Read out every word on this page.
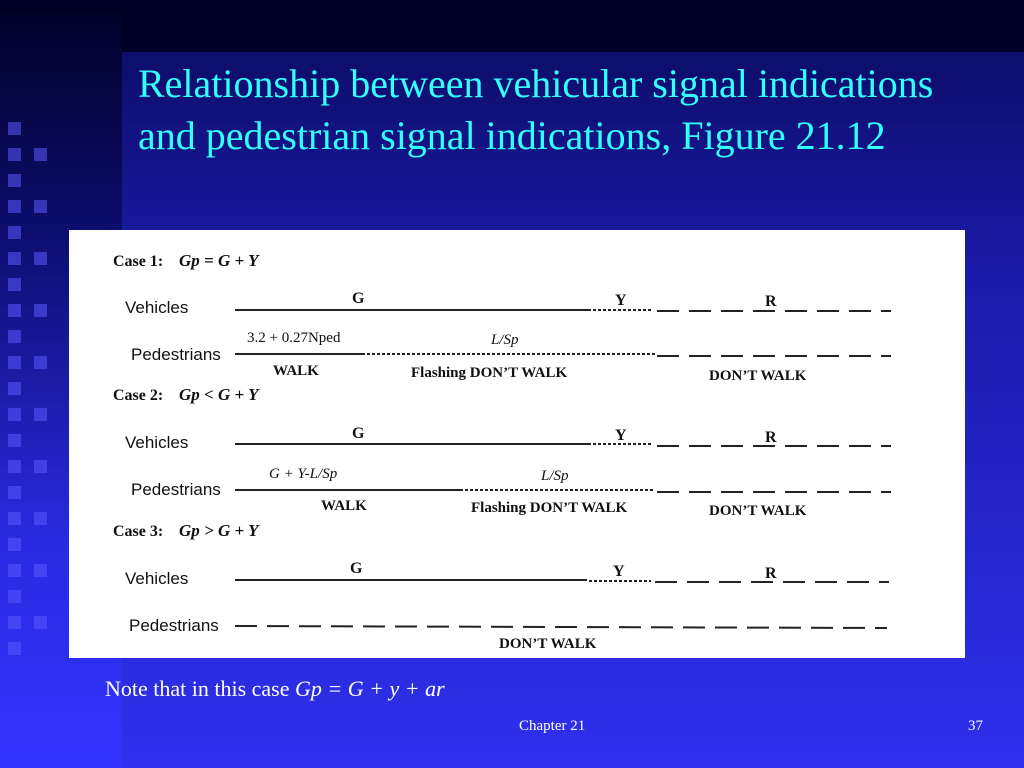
Relationship between vehicular signal indications and pedestrian signal indications, Figure 21.12
Case 1: Gp = G + Y
Vehicles	G	Y	R
Pedestrians
3.2 + 0.27Nped	L/Sp
WALK	Flashing DON’T WALK	DON’T WALK
Case 2: Gp < G + Y
Vehicles	G	Y	R
Pedestrians
G + Y-L/Sp	L/Sp
WALK	Flashing DON’T WALK	DON’T WALK
Case 3: Gp > G + Y
Vehicles
G	Y	R
Pedestrians
DON’T WALK
Note that in this case Gp = G + y + ar
Chapter 21	37
